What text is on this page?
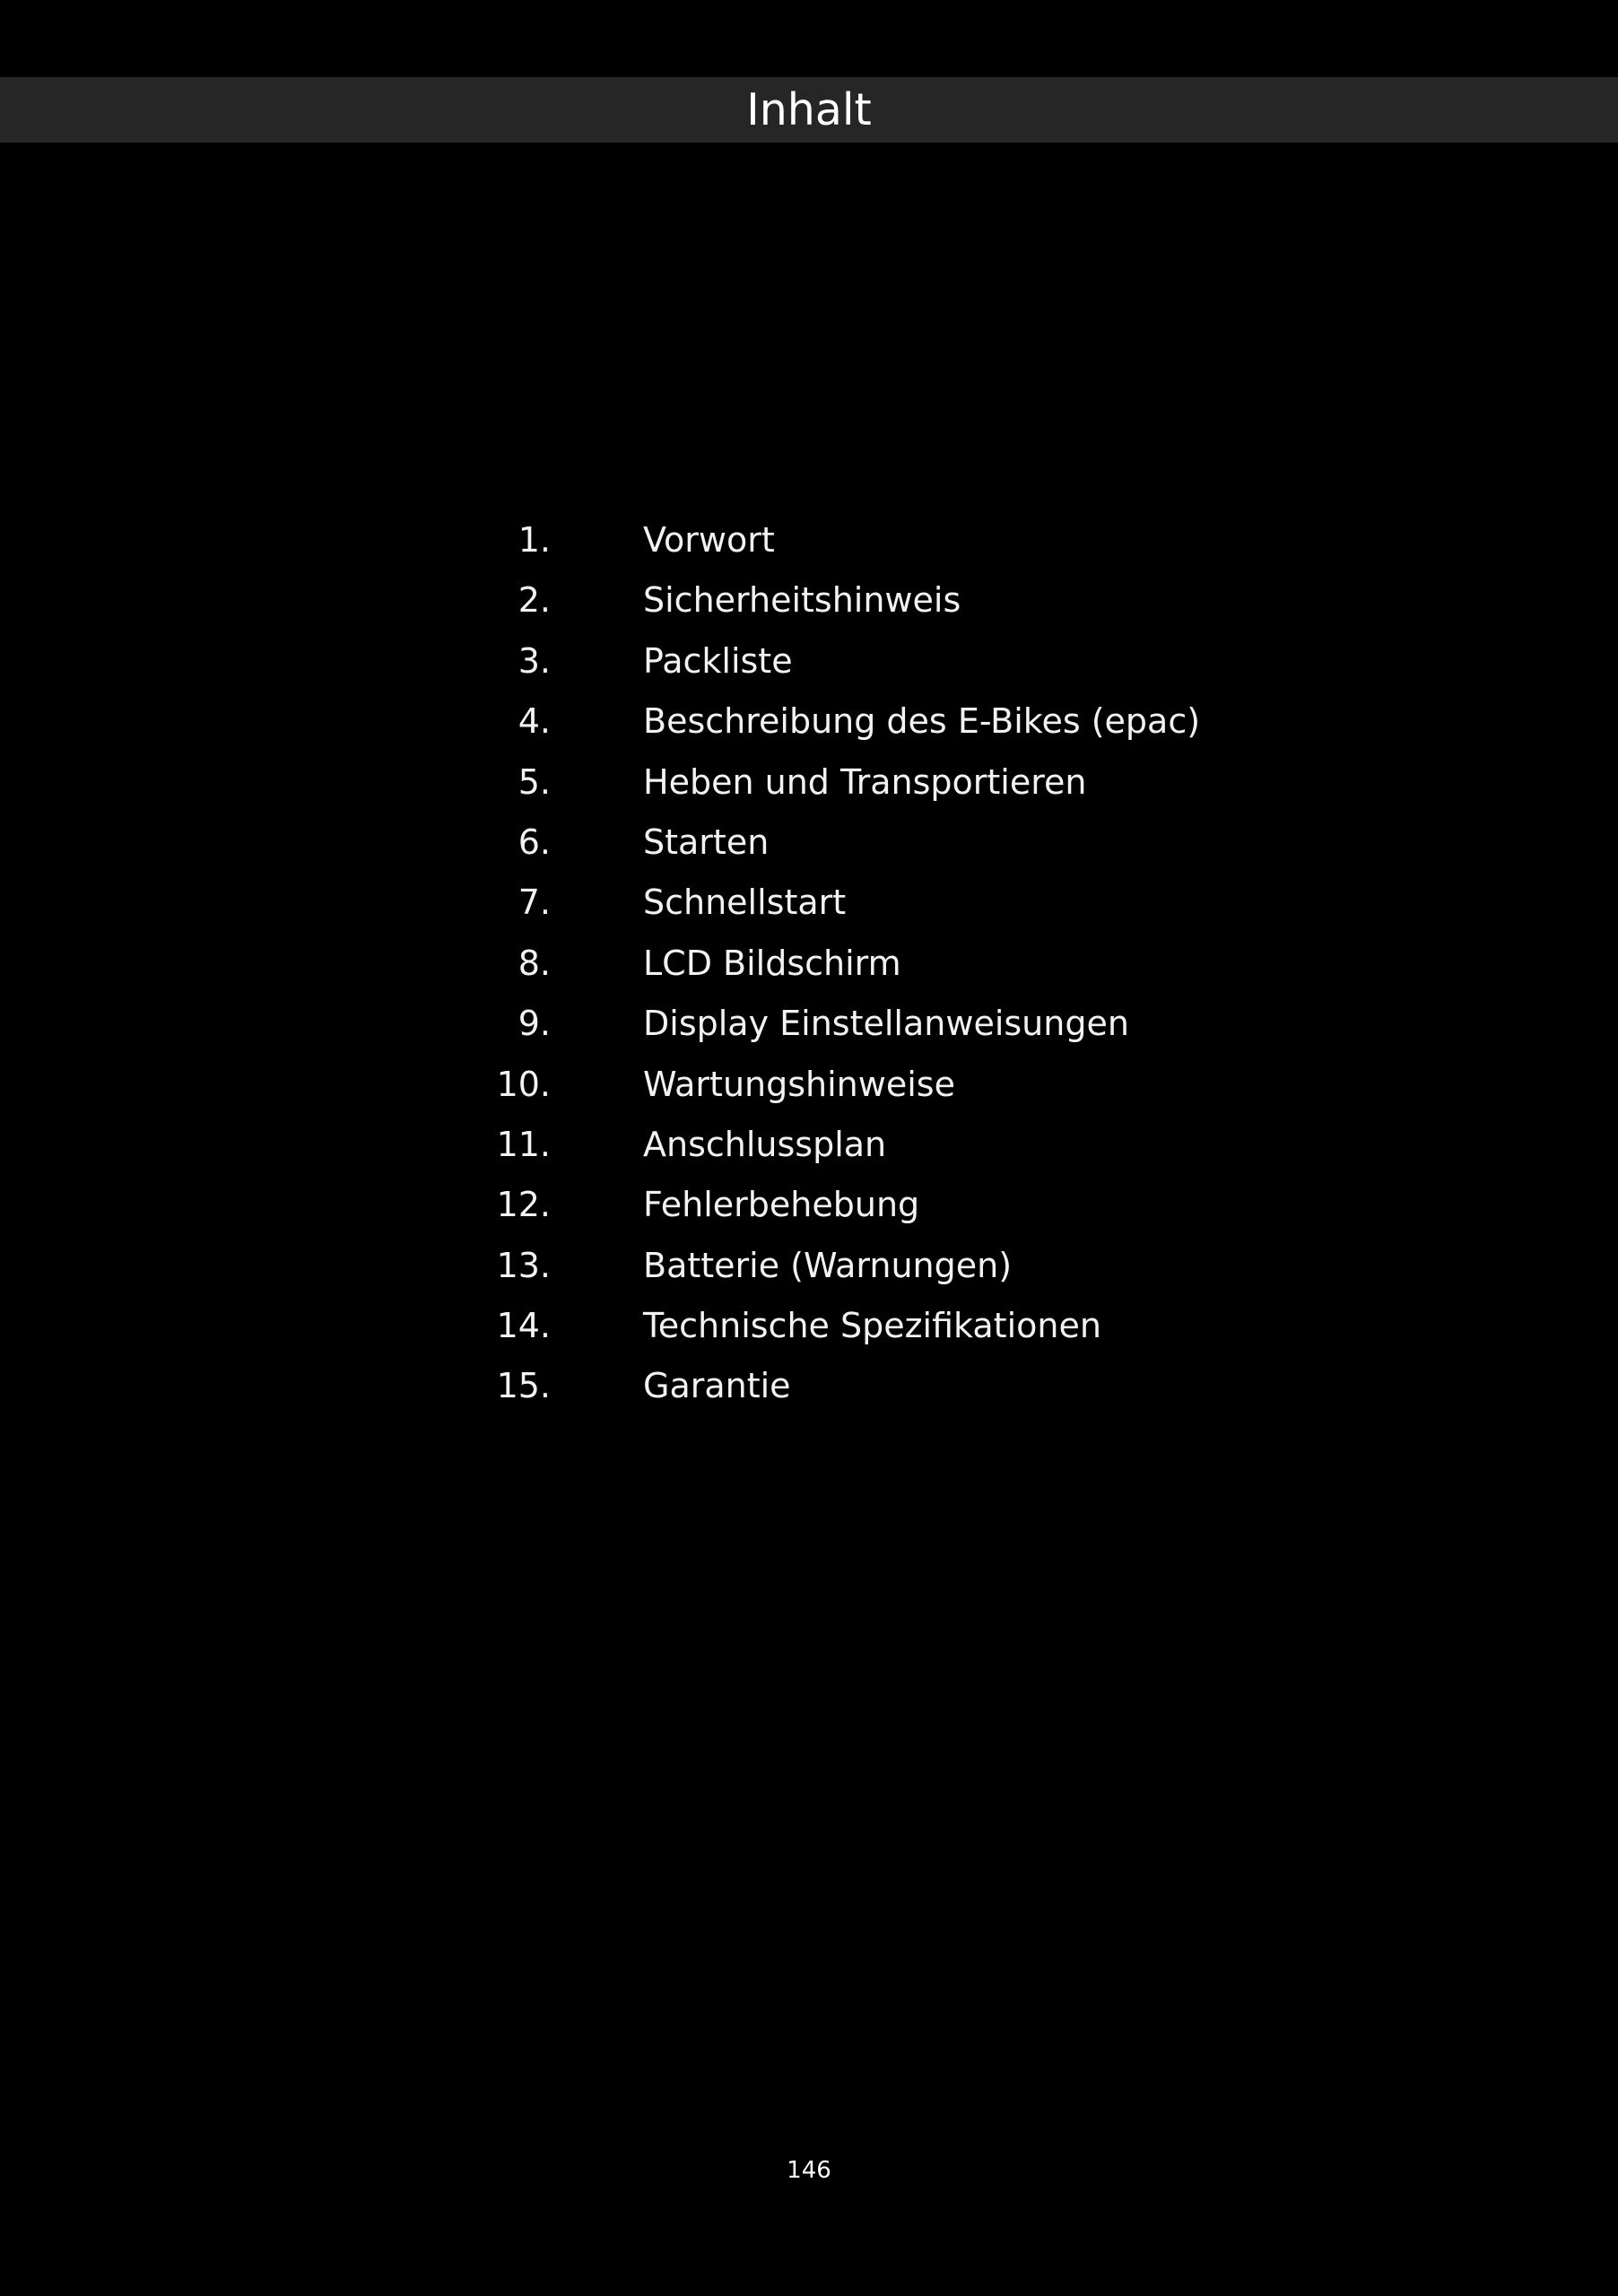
Inhalt
1.	Vorwort
2.	Sicherheitshinweis
3.	Packliste
4.	Beschreibung des E-Bikes (epac)
5.	Heben und Transportieren
6.	Starten
7.	Schnellstart
8.	LCD Bildschirm
9.	Display Einstellanweisungen
10.	Wartungshinweise
11.	Anschlussplan
12.	Fehlerbehebung
13.	Batterie (Warnungen)
14.	Technische Spezifikationen
15.	Garantie
146
